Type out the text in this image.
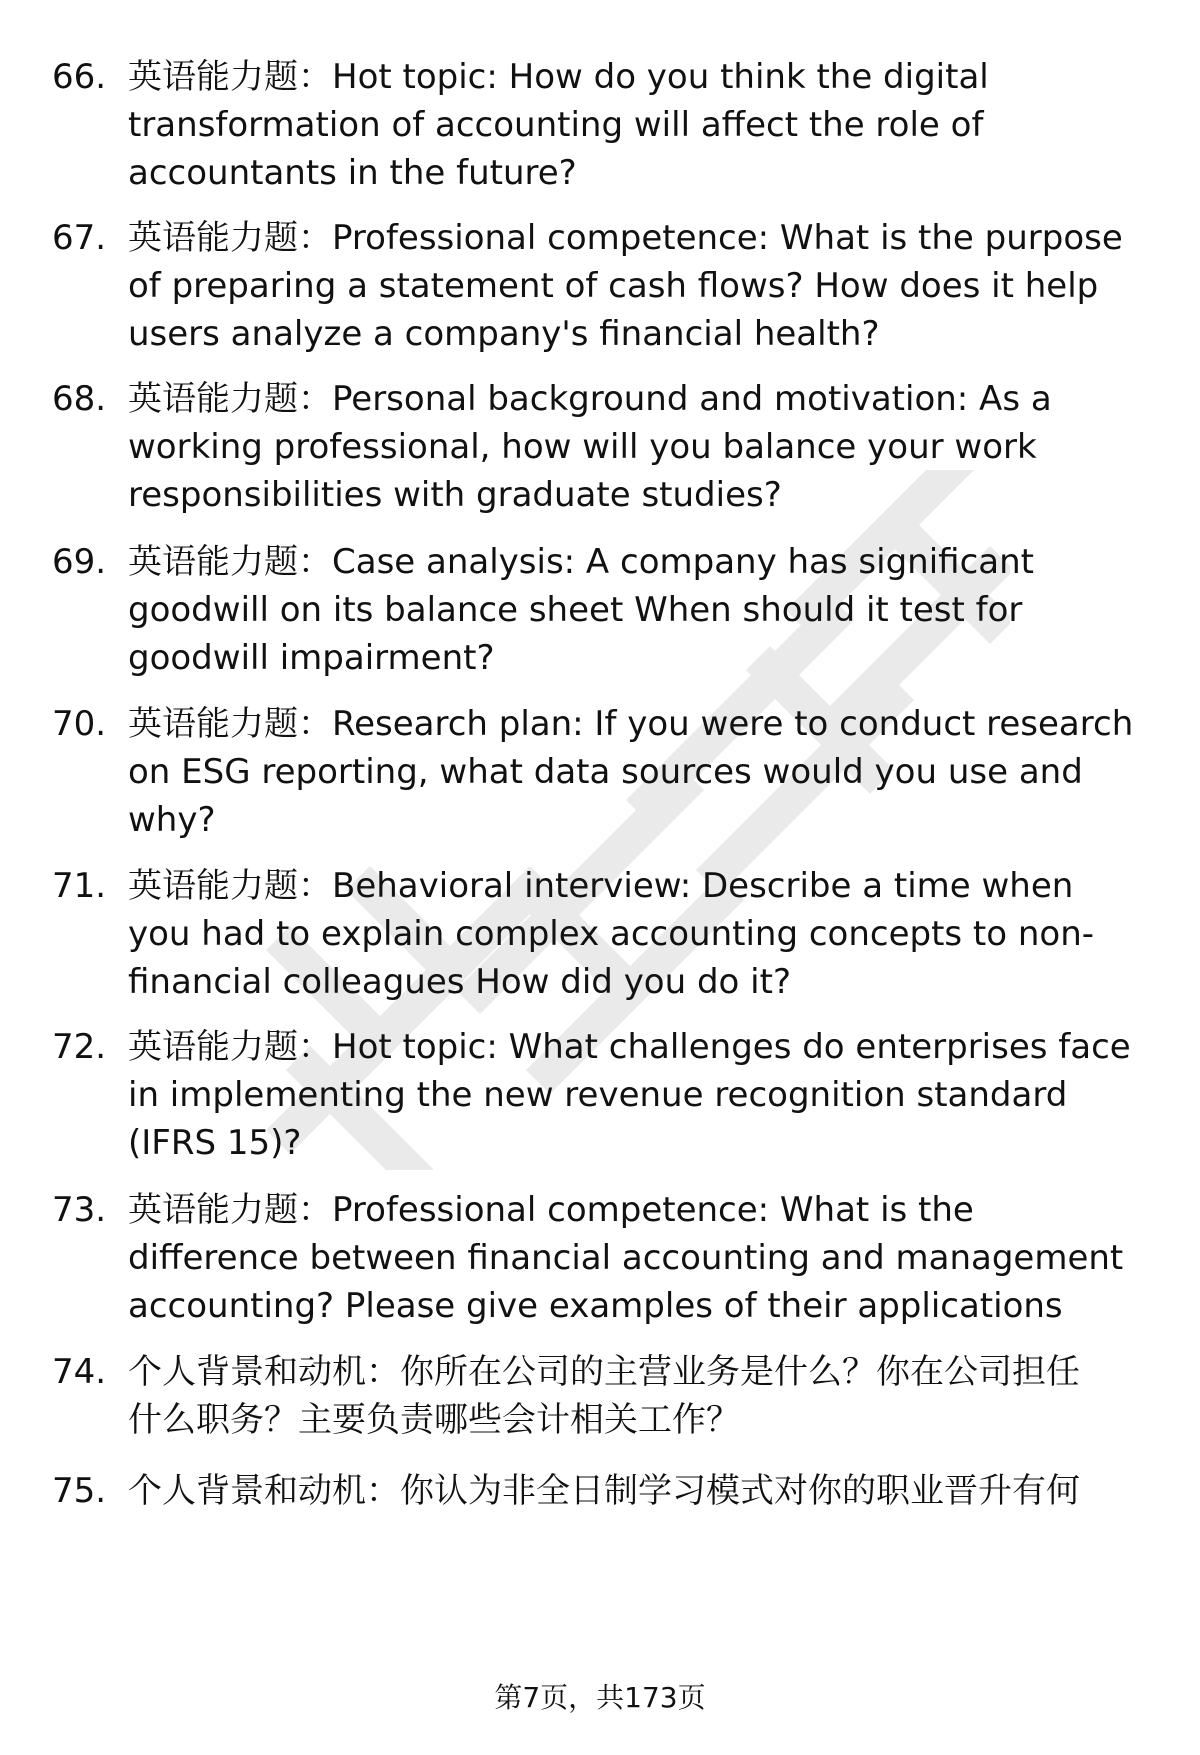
66. 英语能力题：Hot topic: How do you think the digital
transformation of accounting will affect the role of
accountants in the future?
67. 英语能力题：Professional competence: What is the purpose
of preparing a statement of cash flows? How does it help
users analyze a company's financial health?
68. 英语能力题：Personal background and motivation: As a
working professional, how will you balance your work
responsibilities with graduate studies?
69. 英语能力题：Case analysis: A company has significant
goodwill on its balance sheet When should it test for
goodwill impairment?
70. 英语能力题：Research plan: If you were to conduct research
on ESG reporting, what data sources would you use and
why?
71. 英语能力题：Behavioral interview: Describe a time when
you had to explain complex accounting concepts to non-
financial colleagues How did you do it?
72. 英语能力题：Hot topic: What challenges do enterprises face
in implementing the new revenue recognition standard
(IFRS 15)?
73. 英语能力题：Professional competence: What is the
difference between financial accounting and management
accounting? Please give examples of their applications
74. 个人背景和动机：你所在公司的主营业务是什么？你在公司担任
什么职务？主要负责哪些会计相关工作？
75. 个人背景和动机：你认为非全日制学习模式对你的职业晋升有何
第7页，共173页
